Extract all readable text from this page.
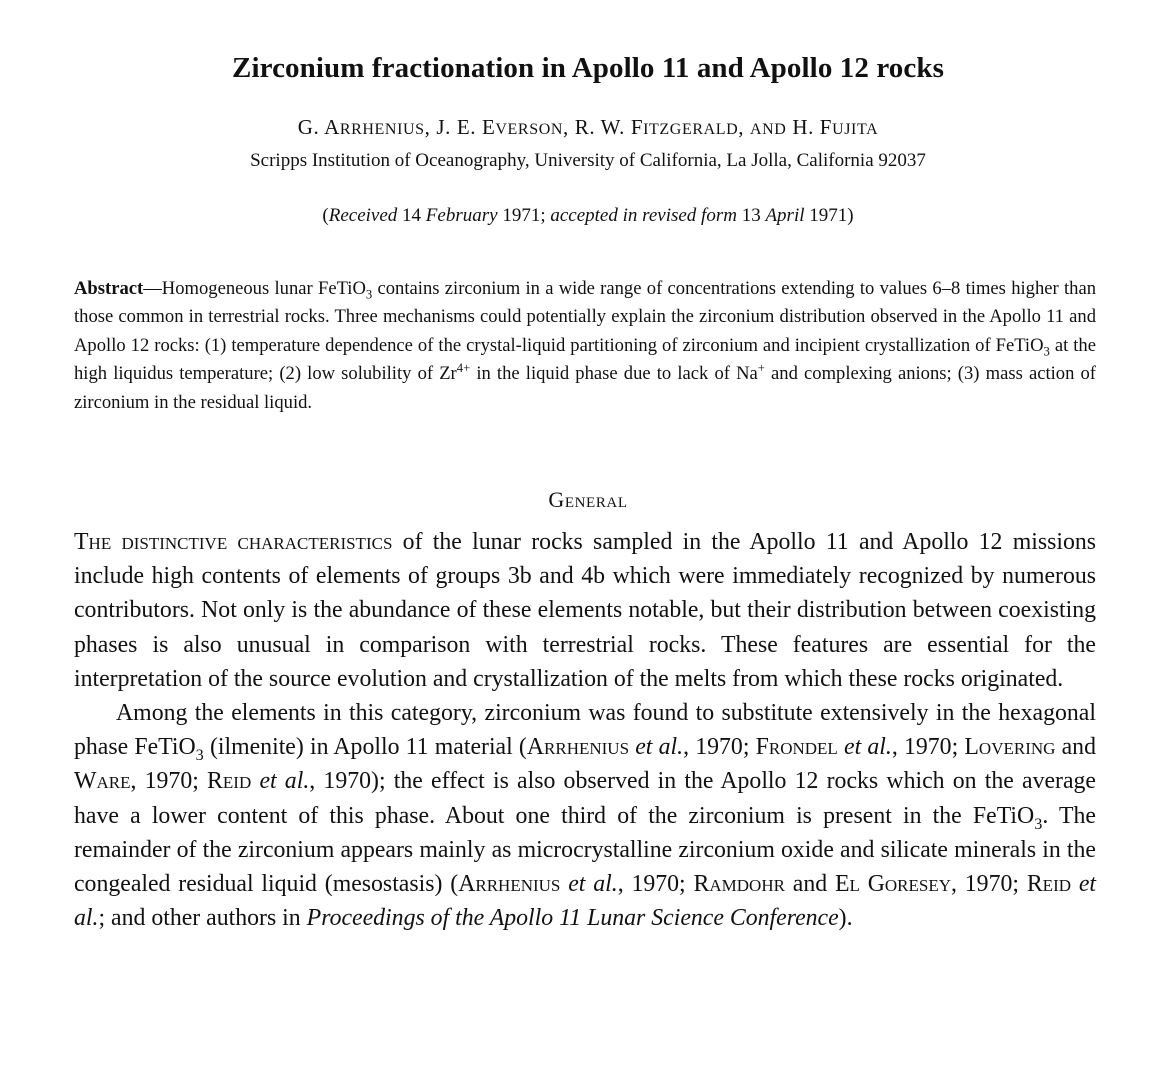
Zirconium fractionation in Apollo 11 and Apollo 12 rocks
G. ARRHENIUS, J. E. EVERSON, R. W. FITZGERALD, AND H. FUJITA
Scripps Institution of Oceanography, University of California, La Jolla, California 92037
(Received 14 February 1971; accepted in revised form 13 April 1971)
Abstract—Homogeneous lunar FeTiO$_3$ contains zirconium in a wide range of concentrations extending to values 6–8 times higher than those common in terrestrial rocks. Three mechanisms could potentially explain the zirconium distribution observed in the Apollo 11 and Apollo 12 rocks: (1) temperature dependence of the crystal-liquid partitioning of zirconium and incipient crystallization of FeTiO$_3$ at the high liquidus temperature; (2) low solubility of $Zr^{4+}$ in the liquid phase due to lack of Na+ and complexing anions; (3) mass action of zirconium in the residual liquid.
General

The distinctive characteristics of the lunar rocks sampled in the Apollo 11 and Apollo 12 missions include high contents of elements of groups 3b and 4b which were immediately recognized by numerous contributors. Not only is the abundance of these elements notable, but their distribution between coexisting phases is also unusual in comparison with terrestrial rocks. These features are essential for the interpretation of the source evolution and crystallization of the melts from which these rocks originated.

Among the elements in this category, zirconium was found to substitute extensively in the hexagonal phase FeTiO$_3$ (ilmenite) in Apollo 11 material (Arrhenius et al., 1970; Frondel et al., 1970; Lovering and Ware, 1970; Reid et al., 1970); the effect is also observed in the Apollo 12 rocks which on the average have a lower content of this phase. About one third of the zirconium is present in the FeTiO$_3$. The remainder of the zirconium appears mainly as microcrystalline zirconium oxide and silicate minerals in the congealed residual liquid (mesostasis) (Arrhenius et al., 1970; Ramdohr and El Goresey, 1970; Reid et al.; and other authors in Proceedings of the Apollo 11 Lunar Science Conference).
